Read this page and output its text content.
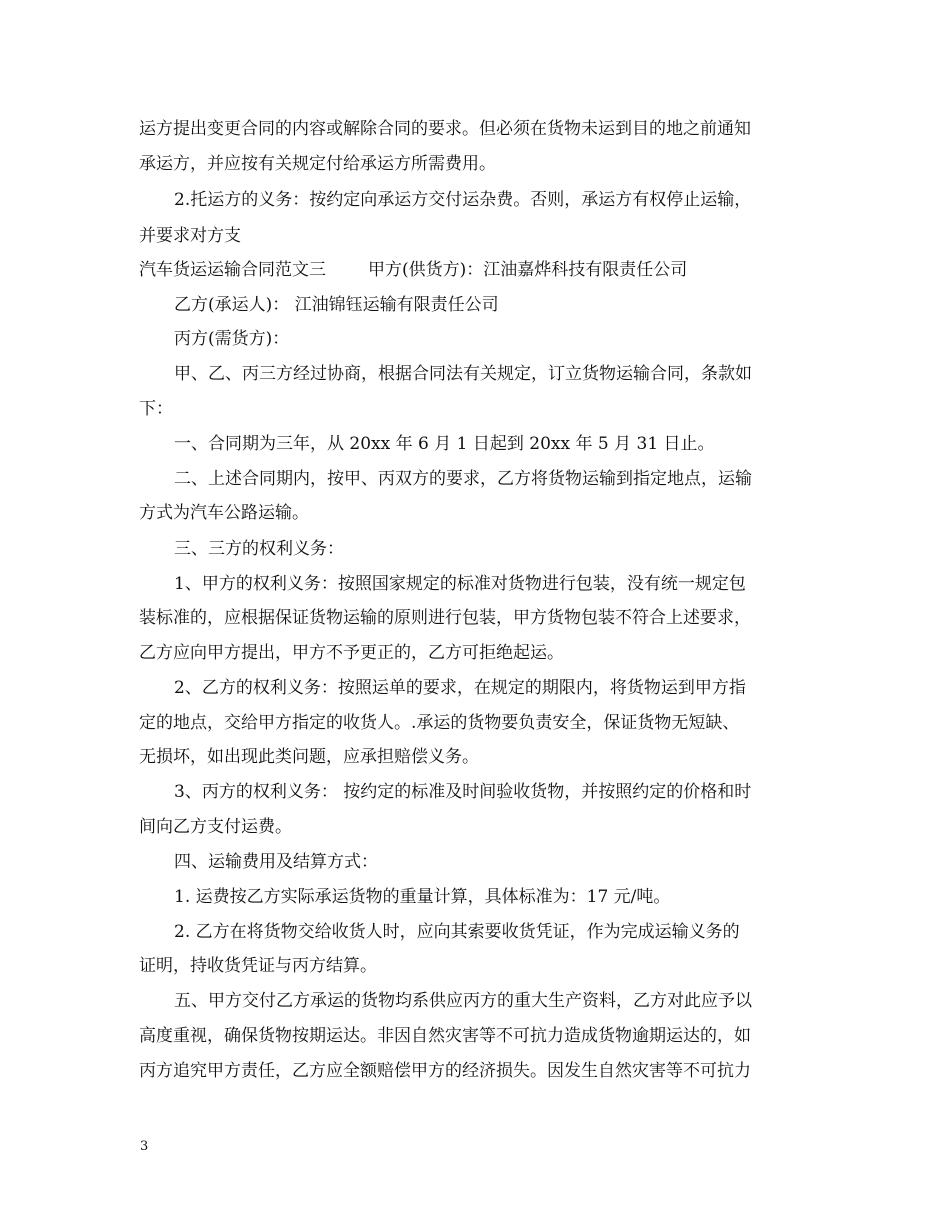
运方提出变更合同的内容或解除合同的要求。但必须在货物未运到目的地之前通知
承运方，并应按有关规定付给承运方所需费用。
2.托运方的义务：按约定向承运方交付运杂费。否则，承运方有权停止运输，
并要求对方支
汽车货运运输合同范文三 甲方(供货方)：江油嘉烨科技有限责任公司
乙方(承运人)： 江油锦钰运输有限责任公司
丙方(需货方)：
甲、乙、丙三方经过协商，根据合同法有关规定，订立货物运输合同，条款如
下：
一、合同期为三年，从 20xx 年 6 月 1 日起到 20xx 年 5 月 31 日止。
二、上述合同期内，按甲、丙双方的要求，乙方将货物运输到指定地点，运输
方式为汽车公路运输。
三、三方的权利义务：
1、甲方的权利义务：按照国家规定的标准对货物进行包装，没有统一规定包
装标准的，应根据保证货物运输的原则进行包装，甲方货物包装不符合上述要求，
乙方应向甲方提出，甲方不予更正的，乙方可拒绝起运。
2、乙方的权利义务：按照运单的要求，在规定的期限内，将货物运到甲方指
定的地点，交给甲方指定的收货人。.承运的货物要负责安全，保证货物无短缺、
无损坏，如出现此类问题，应承担赔偿义务。
3、丙方的权利义务： 按约定的标准及时间验收货物，并按照约定的价格和时
间向乙方支付运费。
四、运输费用及结算方式：
1. 运费按乙方实际承运货物的重量计算，具体标准为：17 元/吨。
2. 乙方在将货物交给收货人时，应向其索要收货凭证，作为完成运输义务的
证明，持收货凭证与丙方结算。
五、甲方交付乙方承运的货物均系供应丙方的重大生产资料，乙方对此应予以
高度重视，确保货物按期运达。非因自然灾害等不可抗力造成货物逾期运达的，如
丙方追究甲方责任，乙方应全额赔偿甲方的经济损失。因发生自然灾害等不可抗力
3
